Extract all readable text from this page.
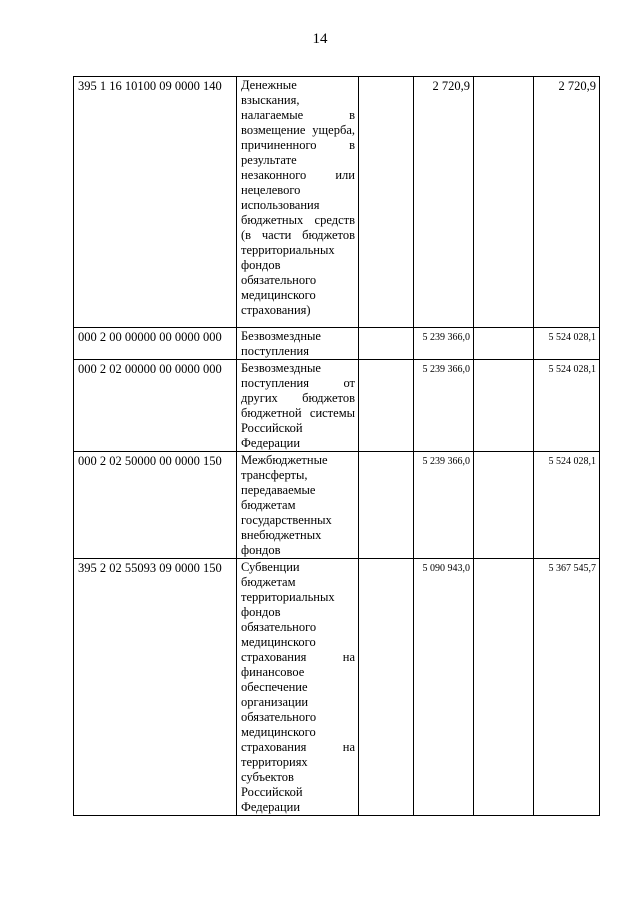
14
395 1 16 10100 09 0000 140	Денежные взыскания, налагаемые в возмещение ущерба, причиненного в результате незаконного или нецелевого использования бюджетных средств (в части бюджетов территориальных фондов обязательного медицинского страхования)		2 720,9		2 720,9
000 2 00 00000 00 0000 000	Безвозмездные поступления		5 239 366,0		5 524 028,1
000 2 02 00000 00 0000 000	Безвозмездные поступления от других бюджетов бюджетной системы Российской Федерации		5 239 366,0		5 524 028,1
000 2 02 50000 00 0000 150	Межбюджетные трансферты, передаваемые бюджетам государственных внебюджетных фондов		5 239 366,0		5 524 028,1
395 2 02 55093 09 0000 150	Субвенции бюджетам территориальных фондов обязательного медицинского страхования на финансовое обеспечение организации обязательного медицинского страхования на территориях субъектов Российской Федерации		5 090 943,0		5 367 545,7
